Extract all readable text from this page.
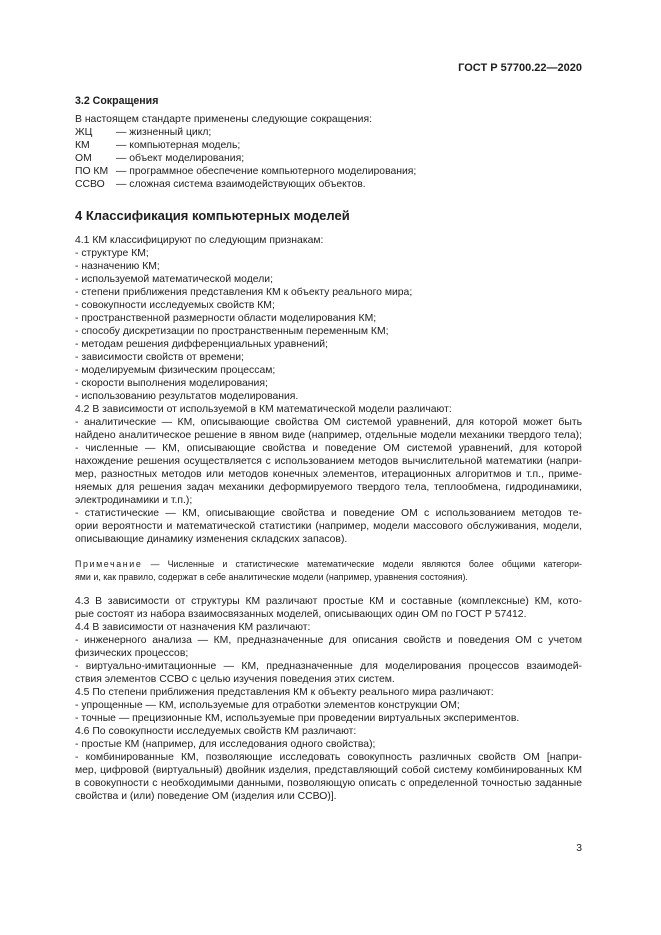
ГОСТ Р 57700.22—2020
3.2 Сокращения
В настоящем стандарте применены следующие сокращения:
ЖЦ — жизненный цикл;
КМ	— компьютерная модель;
ОМ — объект моделирования;
ПО КМ — программное обеспечение компьютерного моделирования;
ССВО — сложная система взаимодействующих объектов.
4 Классификация компьютерных моделей
4.1 КМ классифицируют по следующим признакам:
- структуре КМ;
- назначению КМ;
- используемой математической модели;
- степени приближения представления КМ к объекту реального мира;
- совокупности исследуемых свойств КМ;
- пространственной размерности области моделирования КМ;
- способу дискретизации по пространственным переменным КМ;
- методам решения дифференциальных уравнений;
- зависимости свойств от времени;
- моделируемым физическим процессам;
- скорости выполнения моделирования;
- использованию результатов моделирования.
4.2 В зависимости от используемой в КМ математической модели различают:
- аналитические — КМ, описывающие свойства ОМ системой уравнений, для которой может быть
найдено аналитическое решение в явном виде (например, отдельные модели механики твердого тела);
- численные — КМ, описывающие свойства и поведение ОМ системой уравнений, для которой
нахождение решения осуществляется с использованием методов вычислительной математики (напри-
мер, разностных методов или методов конечных элементов, итерационных алгоритмов и т.п., приме-
няемых для решения задач механики деформируемого твердого тела, теплообмена, гидродинамики,
электродинамики и т.п.);
- статистические — КМ, описывающие свойства и поведение ОМ с использованием методов те-
ории вероятности и математической статистики (например, модели массового обслуживания, модели,
описывающие динамику изменения складских запасов).
Примечание — Численные и статистические математические модели являются более общими категори-
ями и, как правило, содержат в себе аналитические модели (например, уравнения состояния).
4.3 В зависимости от структуры КМ различают простые КМ и составные (комплексные) КМ, кото-
рые состоят из набора взаимосвязанных моделей, описывающих один ОМ по ГОСТ Р 57412.
4.4 В зависимости от назначения КМ различают:
- инженерного анализа — КМ, предназначенные для описания свойств и поведения ОМ с учетом
физических процессов;
- виртуально-имитационные — КМ, предназначенные для моделирования процессов взаимодей-
ствия элементов ССВО с целью изучения поведения этих систем.
4.5 По степени приближения представления КМ к объекту реального мира различают:
- упрощенные — КМ, используемые для отработки элементов конструкции ОМ;
- точные — прецизионные КМ, используемые при проведении виртуальных экспериментов.
4.6 По совокупности исследуемых свойств КМ различают:
- простые КМ (например, для исследования одного свойства);
- комбинированные КМ, позволяющие исследовать совокупность различных свойств ОМ [напри-
мер, цифровой (виртуальный) двойник изделия, представляющий собой систему комбинированных КМ
в совокупности с необходимыми данными, позволяющую описать с определенной точностью заданные
свойства и (или) поведение ОМ (изделия или ССВО)].
3
